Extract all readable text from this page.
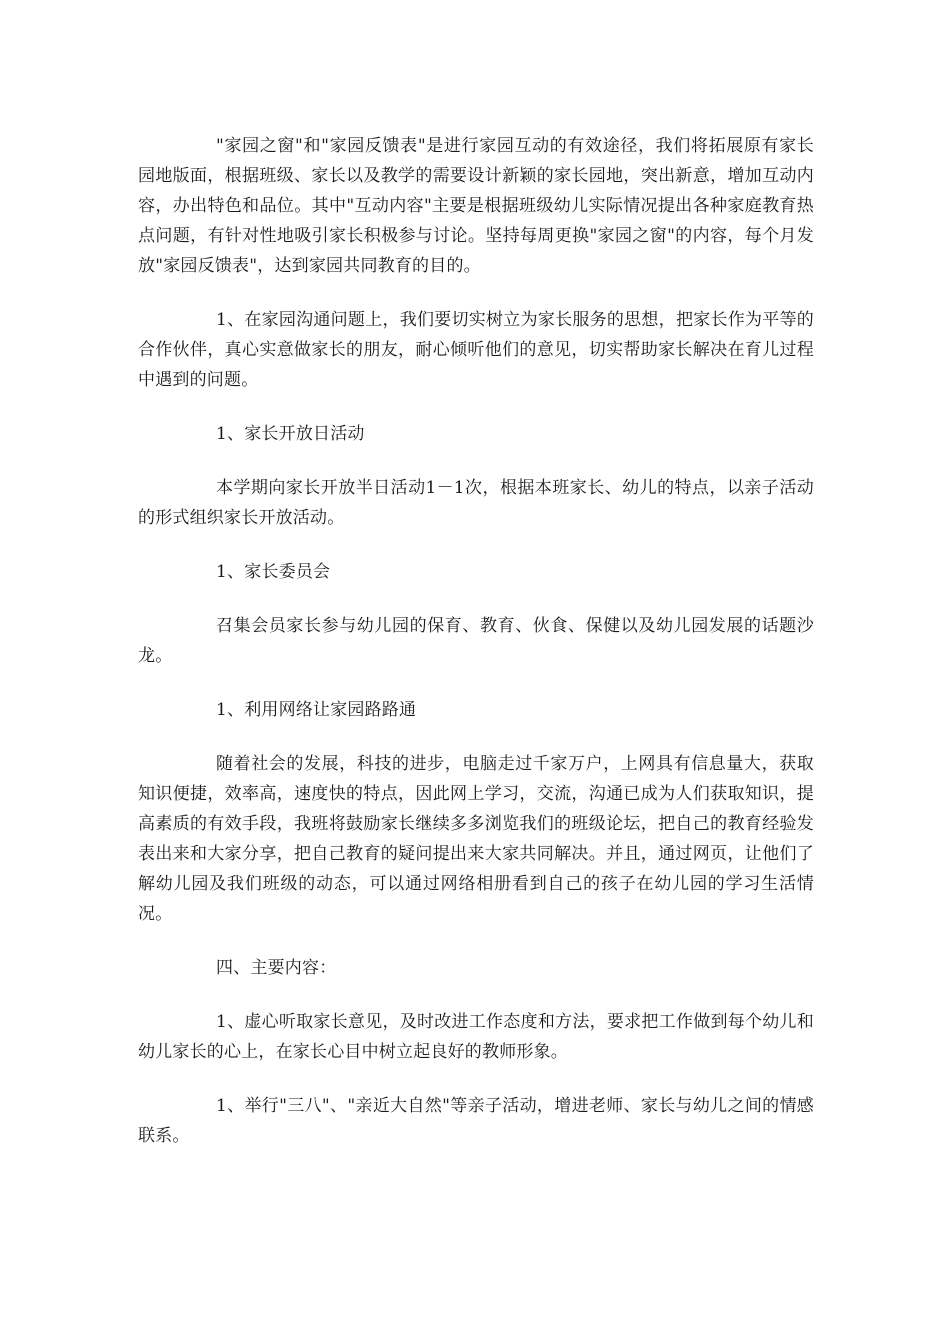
"家园之窗"和"家园反馈表"是进行家园互动的有效途径，我们将拓展原有家长园地版面，根据班级、家长以及教学的需要设计新颖的家长园地，突出新意，增加互动内容，办出特色和品位。其中"互动内容"主要是根据班级幼儿实际情况提出各种家庭教育热点问题，有针对性地吸引家长积极参与讨论。坚持每周更换"家园之窗"的内容，每个月发放"家园反馈表"，达到家园共同教育的目的。

1、在家园沟通问题上，我们要切实树立为家长服务的思想，把家长作为平等的合作伙伴，真心实意做家长的朋友，耐心倾听他们的意见，切实帮助家长解决在育儿过程中遇到的问题。

1、家长开放日活动

本学期向家长开放半日活动1－1次，根据本班家长、幼儿的特点，以亲子活动的形式组织家长开放活动。

1、家长委员会

召集会员家长参与幼儿园的保育、教育、伙食、保健以及幼儿园发展的话题沙龙。

1、利用网络让家园路路通

随着社会的发展，科技的进步，电脑走过千家万户，上网具有信息量大，获取知识便捷，效率高，速度快的特点，因此网上学习，交流，沟通已成为人们获取知识，提高素质的有效手段，我班将鼓励家长继续多多浏览我们的班级论坛，把自己的教育经验发表出来和大家分享，把自己教育的疑问提出来大家共同解决。并且，通过网页，让他们了解幼儿园及我们班级的动态，可以通过网络相册看到自己的孩子在幼儿园的学习生活情况。

四、主要内容：

1、虚心听取家长意见，及时改进工作态度和方法，要求把工作做到每个幼儿和幼儿家长的心上，在家长心目中树立起良好的教师形象。

1、举行"三八"、"亲近大自然"等亲子活动，增进老师、家长与幼儿之间的情感联系。
